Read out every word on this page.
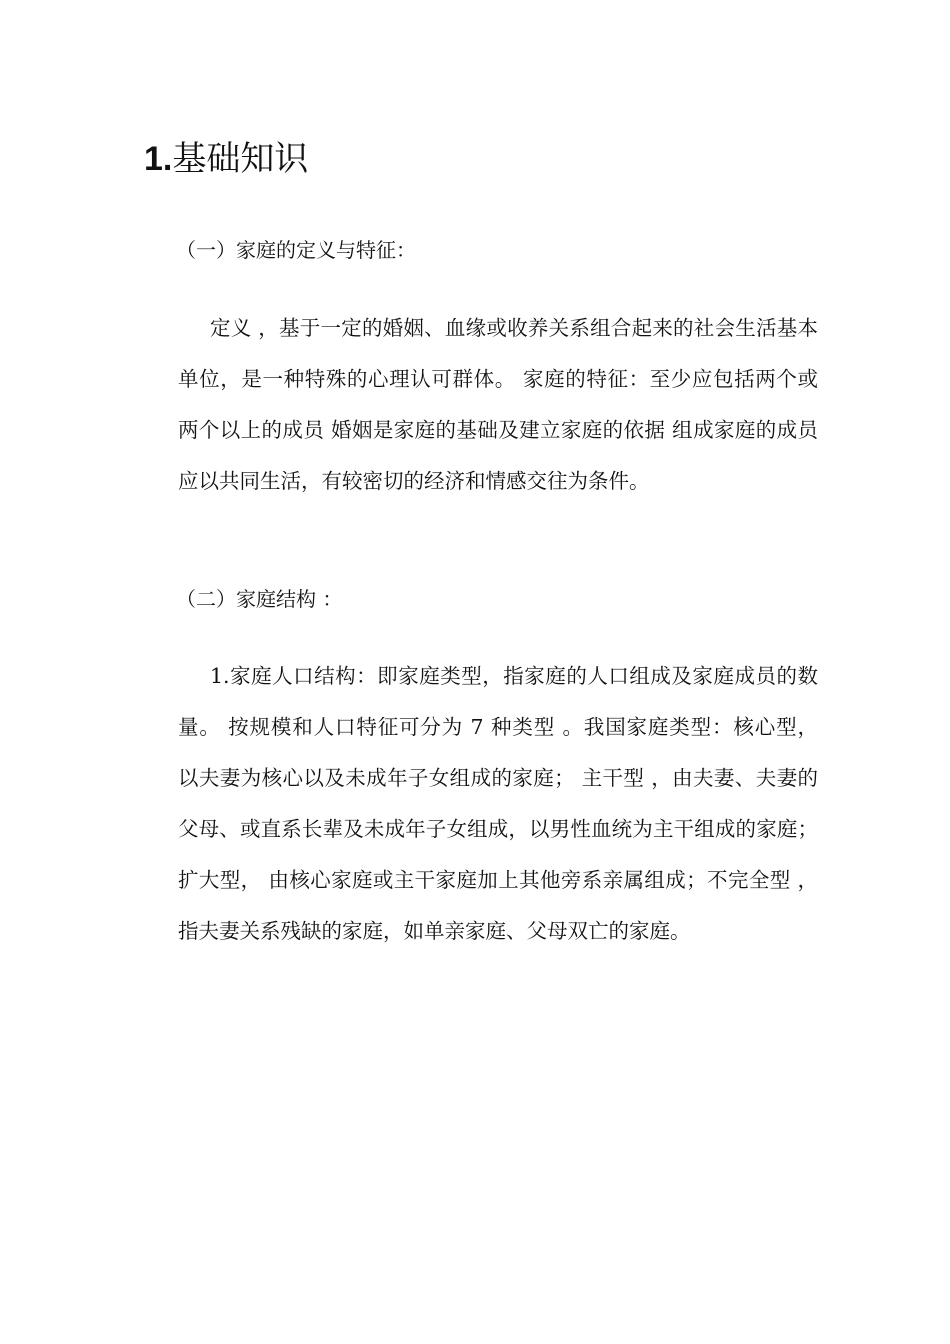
1.基础知识
（一）家庭的定义与特征：

定义 ，基于一定的婚姻、血缘或收养关系组合起来的社会生活基本单位，是一种特殊的心理认可群体。 家庭的特征：至少应包括两个或两个以上的成员 婚姻是家庭的基础及建立家庭的依据 组成家庭的成员应以共同生活，有较密切的经济和情感交往为条件。

（二）家庭结构 ：

1.家庭人口结构：即家庭类型，指家庭的人口组成及家庭成员的数量。 按规模和人口特征可分为 7 种类型 。我国家庭类型：核心型， 以夫妻为核心以及未成年子女组成的家庭； 主干型 ，由夫妻、夫妻的父母、或直系长辈及未成年子女组成，以男性血统为主干组成的家庭； 扩大型， 由核心家庭或主干家庭加上其他旁系亲属组成；不完全型 ，指夫妻关系残缺的家庭，如单亲家庭、父母双亡的家庭。
